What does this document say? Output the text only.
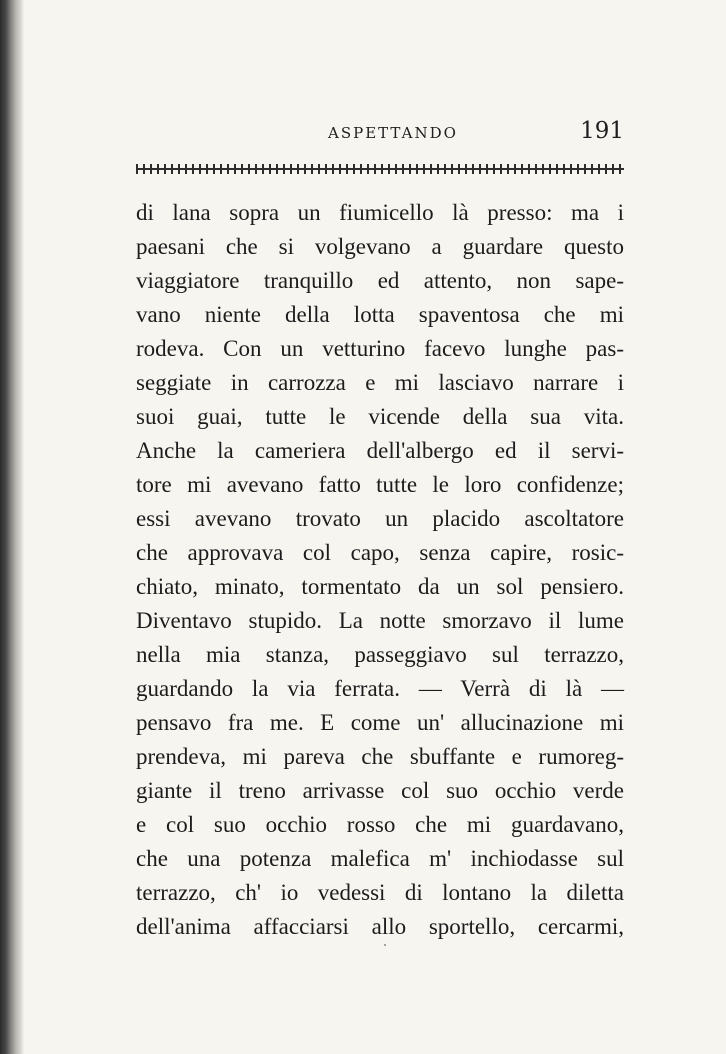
ASPETTANDO	191
di lana sopra un fiumicello là presso: ma i
paesani che si volgevano a guardare questo
viaggiatore tranquillo ed attento, non sape-
vano niente della lotta spaventosa che mi
rodeva. Con un vetturino facevo lunghe pas-
seggiate in carrozza e mi lasciavo narrare i
suoi guai, tutte le vicende della sua vita.
Anche la cameriera dell'albergo ed il servi-
tore mi avevano fatto tutte le loro confidenze;
essi avevano trovato un placido ascoltatore
che approvava col capo, senza capire, rosic-
chiato, minato, tormentato da un sol pensiero.
Diventavo stupido. La notte smorzavo il lume
nella mia stanza, passeggiavo sul terrazzo,
guardando la via ferrata. — Verrà di là —
pensavo fra me. E come un' allucinazione mi
prendeva, mi pareva che sbuffante e rumoreg-
giante il treno arrivasse col suo occhio verde
e col suo occhio rosso che mi guardavano,
che una potenza malefica m' inchiodasse sul
terrazzo, ch' io vedessi di lontano la diletta
dell'anima affacciarsi allo sportello, cercarmi,
